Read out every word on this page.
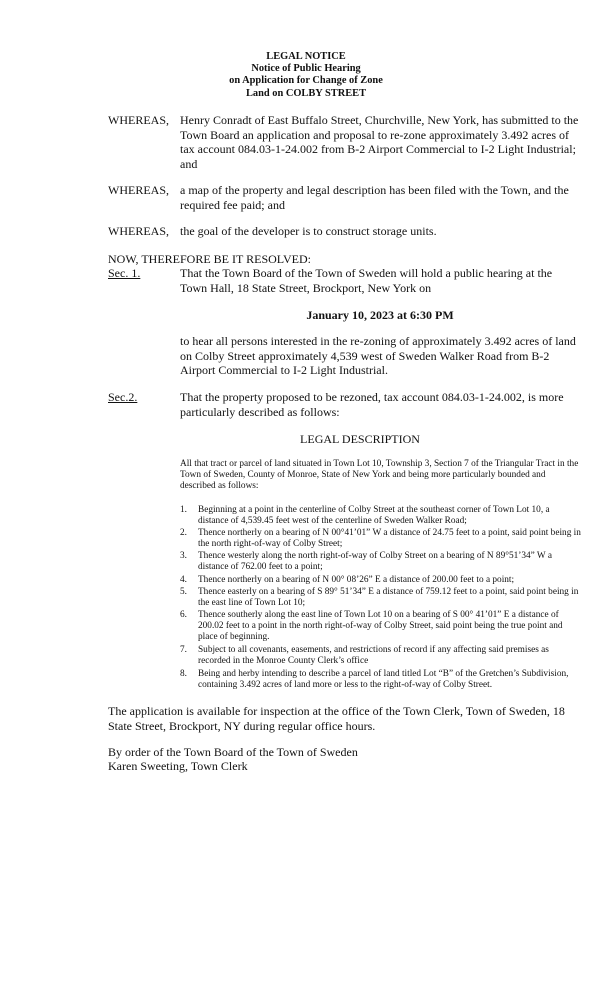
LEGAL NOTICE
Notice of Public Hearing
on Application for Change of Zone
Land on COLBY STREET
WHEREAS, Henry Conradt of East Buffalo Street, Churchville, New York, has submitted to the Town Board an application and proposal to re-zone approximately 3.492 acres of tax account 084.03-1-24.002 from B-2 Airport Commercial to I-2 Light Industrial; and
WHEREAS, a map of the property and legal description has been filed with the Town, and the required fee paid; and
WHEREAS, the goal of the developer is to construct storage units.
NOW, THEREFORE BE IT RESOLVED:
Sec. 1.	That the Town Board of the Town of Sweden will hold a public hearing at the Town Hall, 18 State Street, Brockport, New York on
January 10, 2023 at 6:30 PM
to hear all persons interested in the re-zoning of approximately 3.492 acres of land on Colby Street approximately 4,539 west of Sweden Walker Road from B-2 Airport Commercial to I-2 Light Industrial.
Sec.2.	That the property proposed to be rezoned, tax account 084.03-1-24.002, is more particularly described as follows:
LEGAL DESCRIPTION
All that tract or parcel of land situated in Town Lot 10, Township 3, Section 7 of the Triangular Tract in the Town of Sweden, County of Monroe, State of New York and being more particularly bounded and described as follows:
1. Beginning at a point in the centerline of Colby Street at the southeast corner of Town Lot 10, a distance of 4,539.45 feet west of the centerline of Sweden Walker Road;
2. Thence northerly on a bearing of N 00°41’01” W a distance of 24.75 feet to a point, said point being in the north right-of-way of Colby Street;
3. Thence westerly along the north right-of-way of Colby Street on a bearing of N 89°51’34” W a distance of 762.00 feet to a point;
4. Thence northerly on a bearing of N 00° 08’26” E a distance of 200.00 feet to a point;
5. Thence easterly on a bearing of S 89° 51’34” E a distance of 759.12 feet to a point, said point being in the east line of Town Lot 10;
6. Thence southerly along the east line of Town Lot 10 on a bearing of S 00° 41’01” E a distance of 200.02 feet to a point in the north right-of-way of Colby Street, said point being the true point and place of beginning.
7. Subject to all covenants, easements, and restrictions of record if any affecting said premises as recorded in the Monroe County Clerk’s office
8. Being and herby intending to describe a parcel of land titled Lot “B” of the Gretchen’s Subdivision, containing 3.492 acres of land more or less to the right-of-way of Colby Street.
The application is available for inspection at the office of the Town Clerk, Town of Sweden, 18 State Street, Brockport, NY during regular office hours.
By order of the Town Board of the Town of Sweden
Karen Sweeting, Town Clerk
